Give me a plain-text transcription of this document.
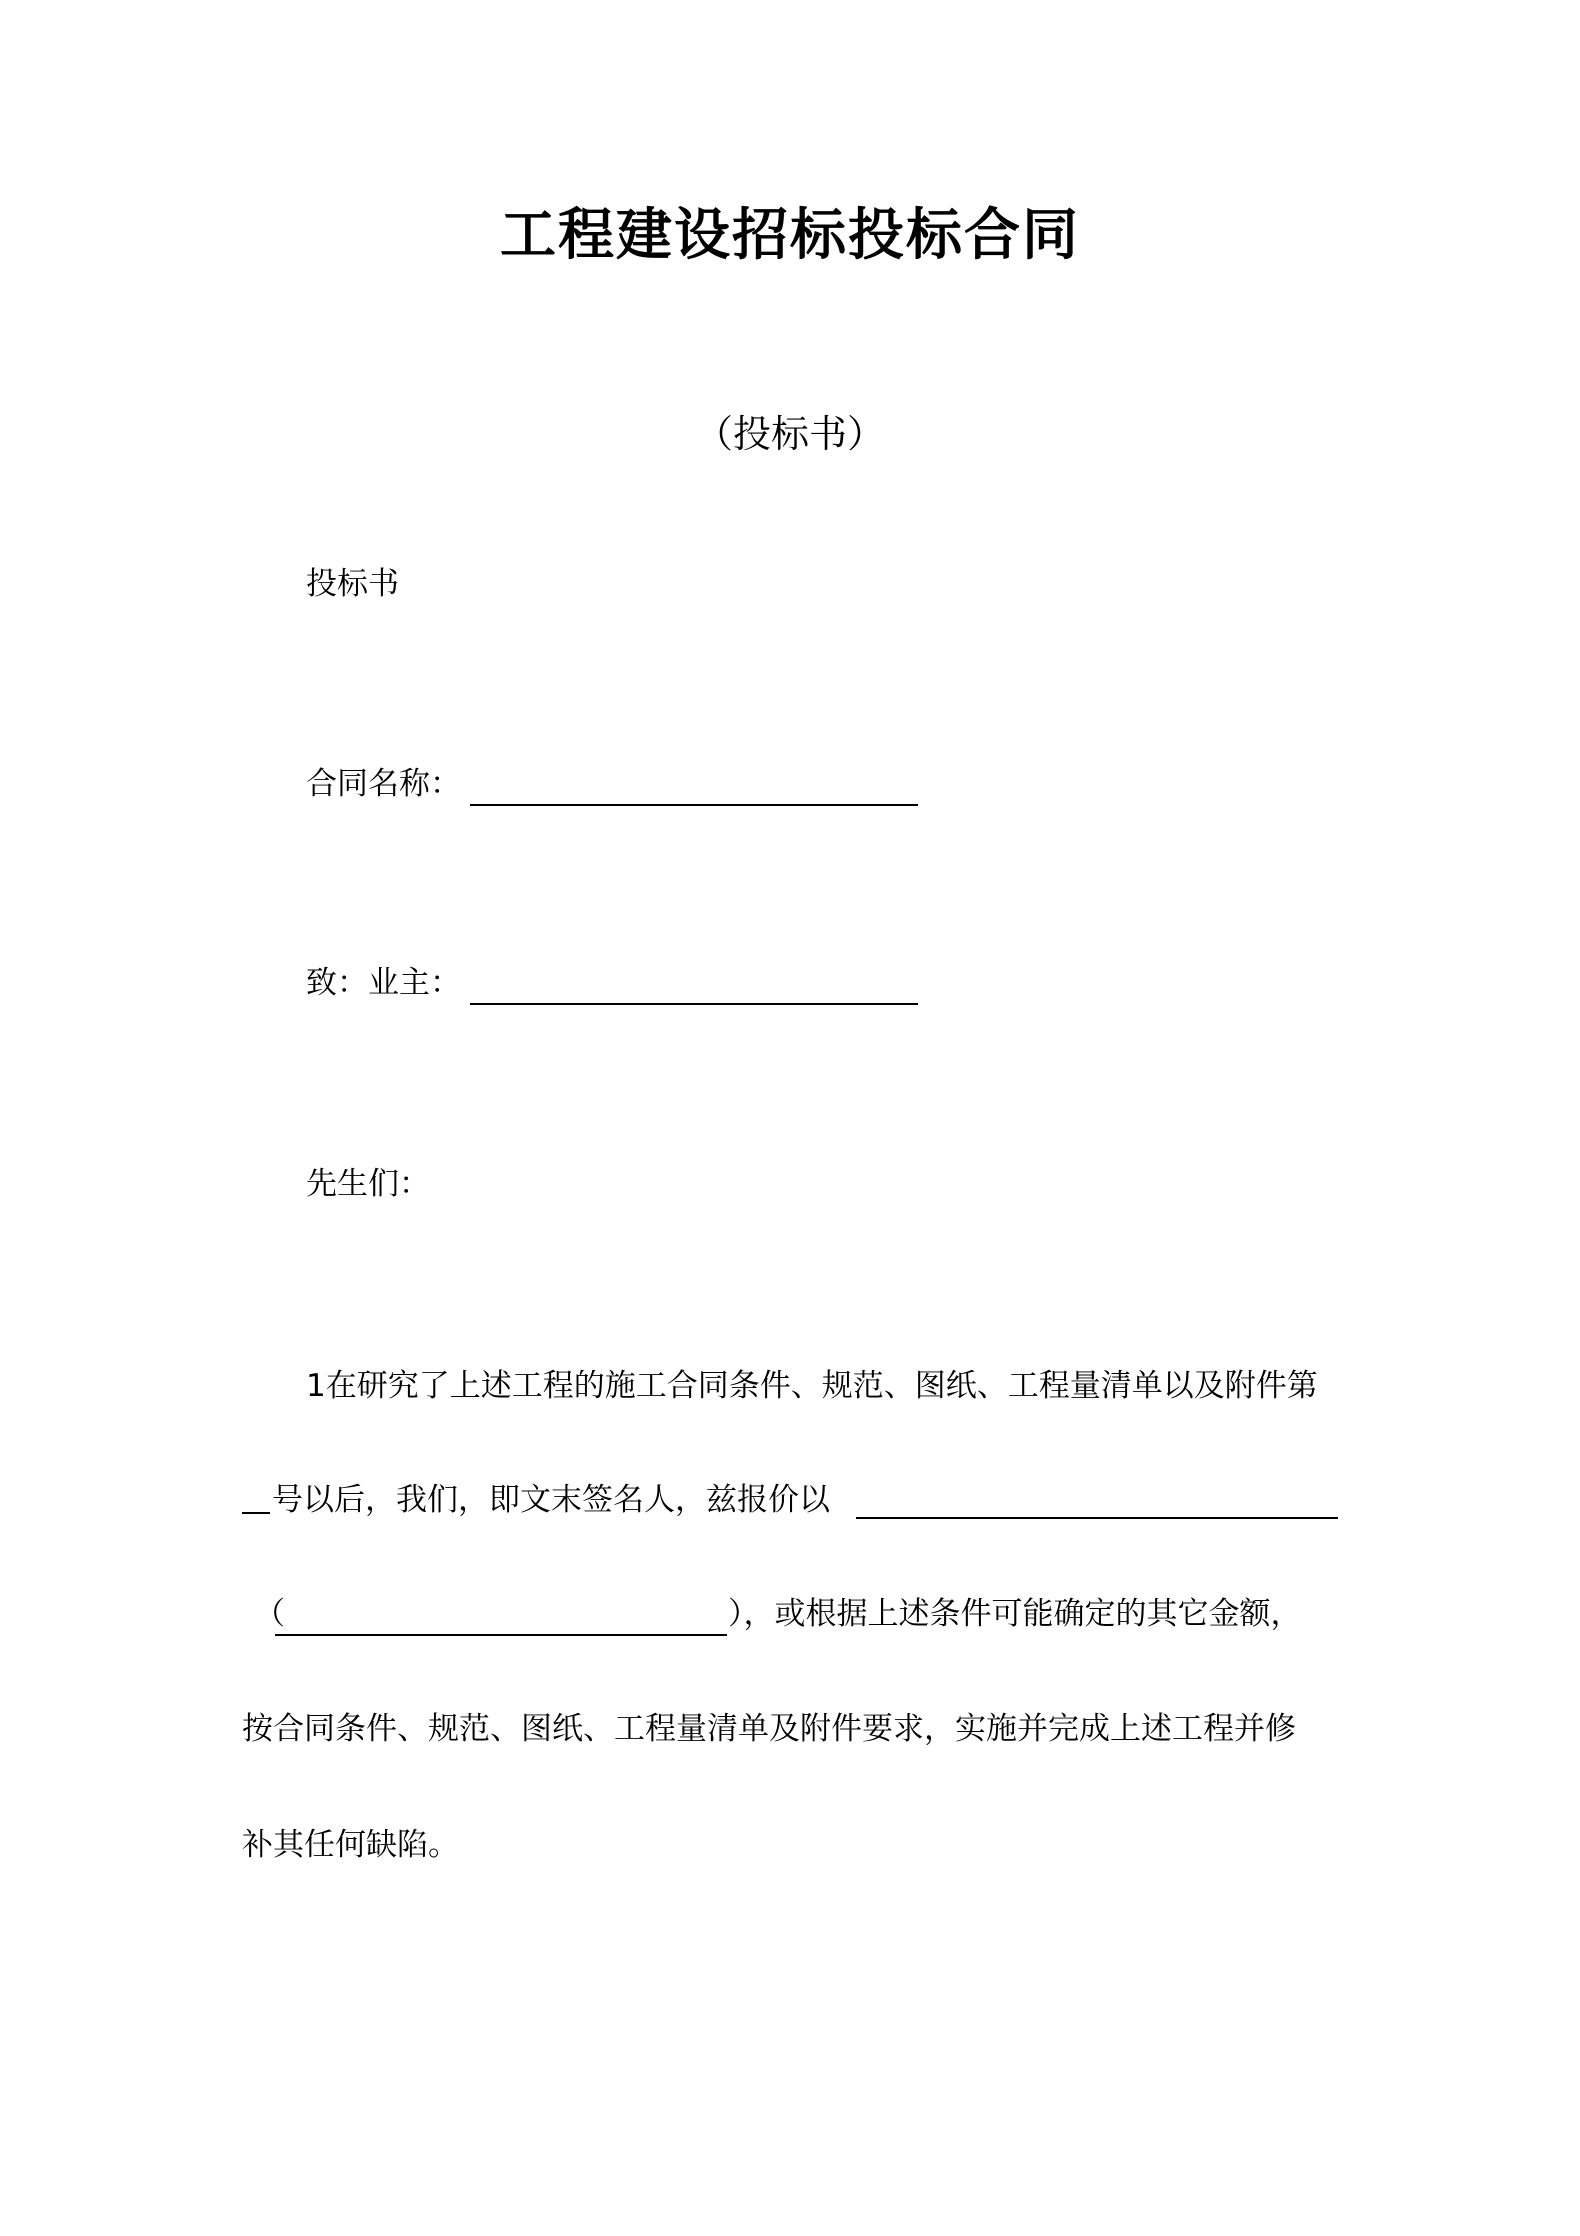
工程建设招标投标合同
（投标书）
投标书
合同名称：
致：业主：
先生们：
1在研究了上述工程的施工合同条件、规范、图纸、工程量清单以及附件第
号以后，我们，即文末签名人，兹报价以
（	），或根据上述条件可能确定的其它金额，
按合同条件、规范、图纸、工程量清单及附件要求，实施并完成上述工程并修
补其任何缺陷。
